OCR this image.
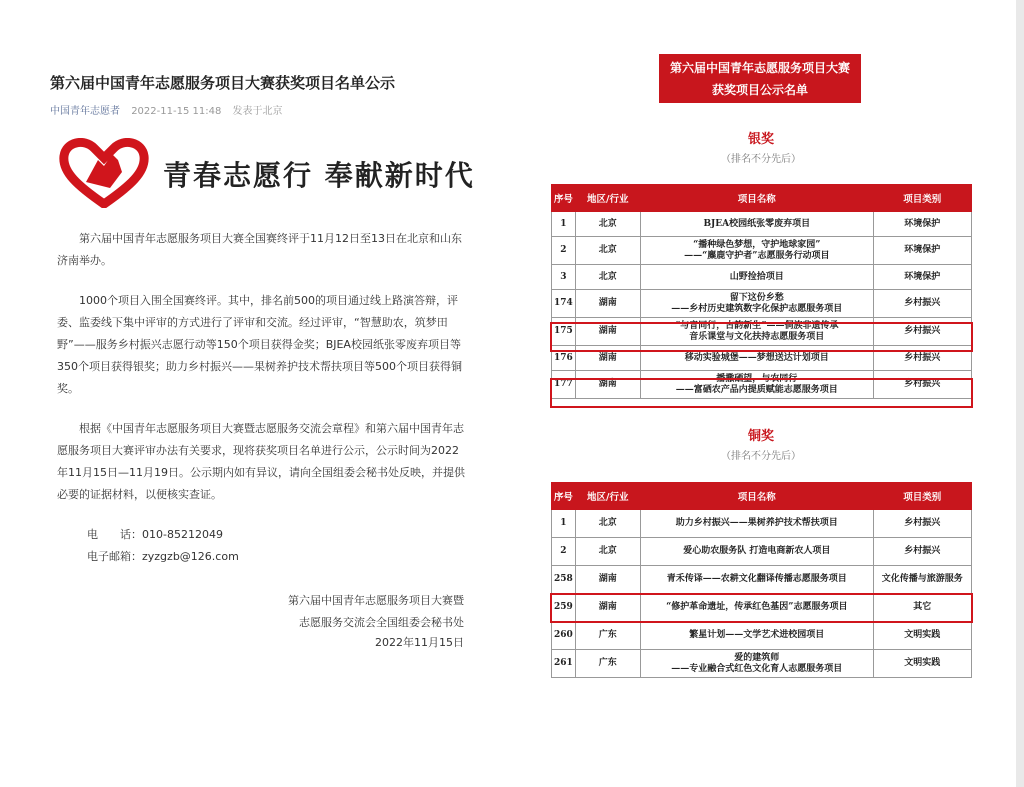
第六届中国青年志愿服务项目大赛获奖项目名单公示
中国青年志愿者 2022-11-15 11:48 发表于北京
青春志愿行 奉献新时代
第六届中国青年志愿服务项目大赛全国赛终评于11月12日至13日在北京和山东济南举办。
1000个项目入围全国赛终评。其中，排名前500的项目通过线上路演答辩，评委、监委线下集中评审的方式进行了评审和交流。经过评审，“智慧助农，筑梦田野”——服务乡村振兴志愿行动等150个项目获得金奖；BJEA校园纸张零废弃项目等350个项目获得银奖；助力乡村振兴——果树养护技术帮扶项目等500个项目获得铜奖。
根据《中国青年志愿服务项目大赛暨志愿服务交流会章程》和第六届中国青年志愿服务项目大赛评审办法有关要求，现将获奖项目名单进行公示，公示时间为2022年11月15日—11月19日。公示期内如有异议，请向全国组委会秘书处反映，并提供必要的证据材料，以便核实查证。
电　　话：010-85212049
电子邮箱：zyzgzb@126.com
第六届中国青年志愿服务项目大赛暨
志愿服务交流会全国组委会秘书处
2022年11月15日
第六届中国青年志愿服务项目大赛
获奖项目公示名单
银奖
（排名不分先后）
序号	地区/行业	项目名称	项目类别
1	北京	BJEA校园纸张零废弃项目	环境保护
2	北京	“播种绿色梦想，守护地球家园”
——“麋鹿守护者”志愿服务行动项目	环境保护
3	北京	山野捡拾项目	环境保护
174	湖南	留下这份乡愁
——乡村历史建筑数字化保护志愿服务项目	乡村振兴
175	湖南	“与音同行，古韵新生”——侗族非遗传承
音乐课堂与文化扶持志愿服务项目	乡村振兴
176	湖南	移动实验城堡——梦想送达计划项目	乡村振兴
177	湖南	播撒硒望，与农同行
——富硒农产品内提质赋能志愿服务项目	乡村振兴
铜奖
（排名不分先后）
序号	地区/行业	项目名称	项目类别
1	北京	助力乡村振兴——果树养护技术帮扶项目	乡村振兴
2	北京	爱心助农服务队 打造电商新农人项目	乡村振兴
258	湖南	青禾传译——农耕文化翻译传播志愿服务项目	文化传播与旅游服务
259	湖南	“修护革命遗址，传承红色基因”志愿服务项目	其它
260	广东	繁星计划——文学艺术进校园项目	文明实践
261	广东	爱的建筑师
——专业融合式红色文化育人志愿服务项目	文明实践
